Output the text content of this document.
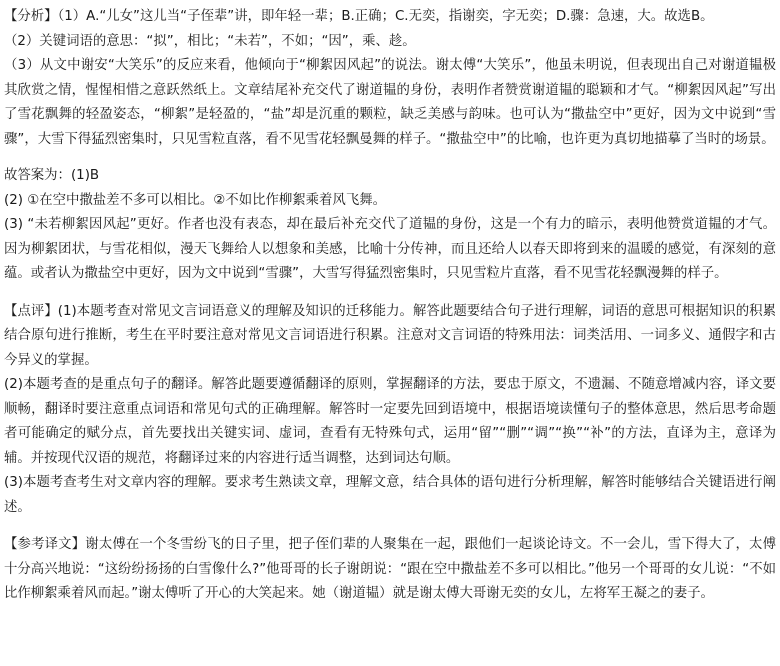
【分析】（1）A.“儿女”这儿当“子侄辈”讲，即年轻一辈；B.正确；C.无奕，指谢奕，字无奕；D.骤：急速，大。故选B。

（2）关键词语的意思：“拟”，相比；“未若”，不如；“因”，乘、趁。

（3）从文中谢安“大笑乐”的反应来看，他倾向于“柳絮因风起”的说法。谢太傅“大笑乐”，他虽未明说，但表现出自己对谢道韫极其欣赏之情，惺惺相惜之意跃然纸上。文章结尾补充交代了谢道韫的身份，表明作者赞赏谢道韫的聪颖和才气。“柳絮因风起”写出了雪花飘舞的轻盈姿态，“柳絮”是轻盈的，“盐”却是沉重的颗粒，缺乏美感与韵味。也可认为“撒盐空中”更好，因为文中说到“雪骤”，大雪下得猛烈密集时，只见雪粒直落，看不见雪花轻飘曼舞的样子。“撒盐空中”的比喻，也许更为真切地描摹了当时的场景。

故答案为：(1)B

(2) ①在空中撒盐差不多可以相比。②不如比作柳絮乘着风飞舞。

(3) “未若柳絮因风起”更好。作者也没有表态，却在最后补充交代了道韫的身份，这是一个有力的暗示，表明他赞赏道韫的才气。因为柳絮团状，与雪花相似，漫天飞舞给人以想象和美感，比喻十分传神，而且还给人以春天即将到来的温暖的感觉，有深刻的意蕴。或者认为撒盐空中更好，因为文中说到“雪骤”，大雪写得猛烈密集时，只见雪粒片直落，看不见雪花轻飘漫舞的样子。

【点评】(1)本题考查对常见文言词语意义的理解及知识的迁移能力。解答此题要结合句子进行理解，词语的意思可根据知识的积累结合原句进行推断，考生在平时要注意对常见文言词语进行积累。注意对文言词语的特殊用法：词类活用、一词多义、通假字和古今异义的掌握。

(2)本题考查的是重点句子的翻译。解答此题要遵循翻译的原则，掌握翻译的方法，要忠于原文，不遗漏、不随意增减内容，译文要顺畅，翻译时要注意重点词语和常见句式的正确理解。解答时一定要先回到语境中，根据语境读懂句子的整体意思，然后思考命题者可能确定的赋分点，首先要找出关键实词、虚词，查看有无特殊句式，运用“留”“删”“调”“换”“补”的方法，直译为主，意译为辅。并按现代汉语的规范，将翻译过来的内容进行适当调整，达到词达句顺。

(3)本题考查考生对文章内容的理解。要求考生熟读文章，理解文意，结合具体的语句进行分析理解，解答时能够结合关键语进行阐述。

【参考译文】谢太傅在一个冬雪纷飞的日子里，把子侄们辈的人聚集在一起，跟他们一起谈论诗文。不一会儿，雪下得大了，太傅十分高兴地说：“这纷纷扬扬的白雪像什么?”他哥哥的长子谢朗说：“跟在空中撒盐差不多可以相比。”他另一个哥哥的女儿说：“不如比作柳絮乘着风而起。”谢太傅听了开心的大笑起来。她（谢道韫）就是谢太傅大哥谢无奕的女儿，左将军王凝之的妻子。
